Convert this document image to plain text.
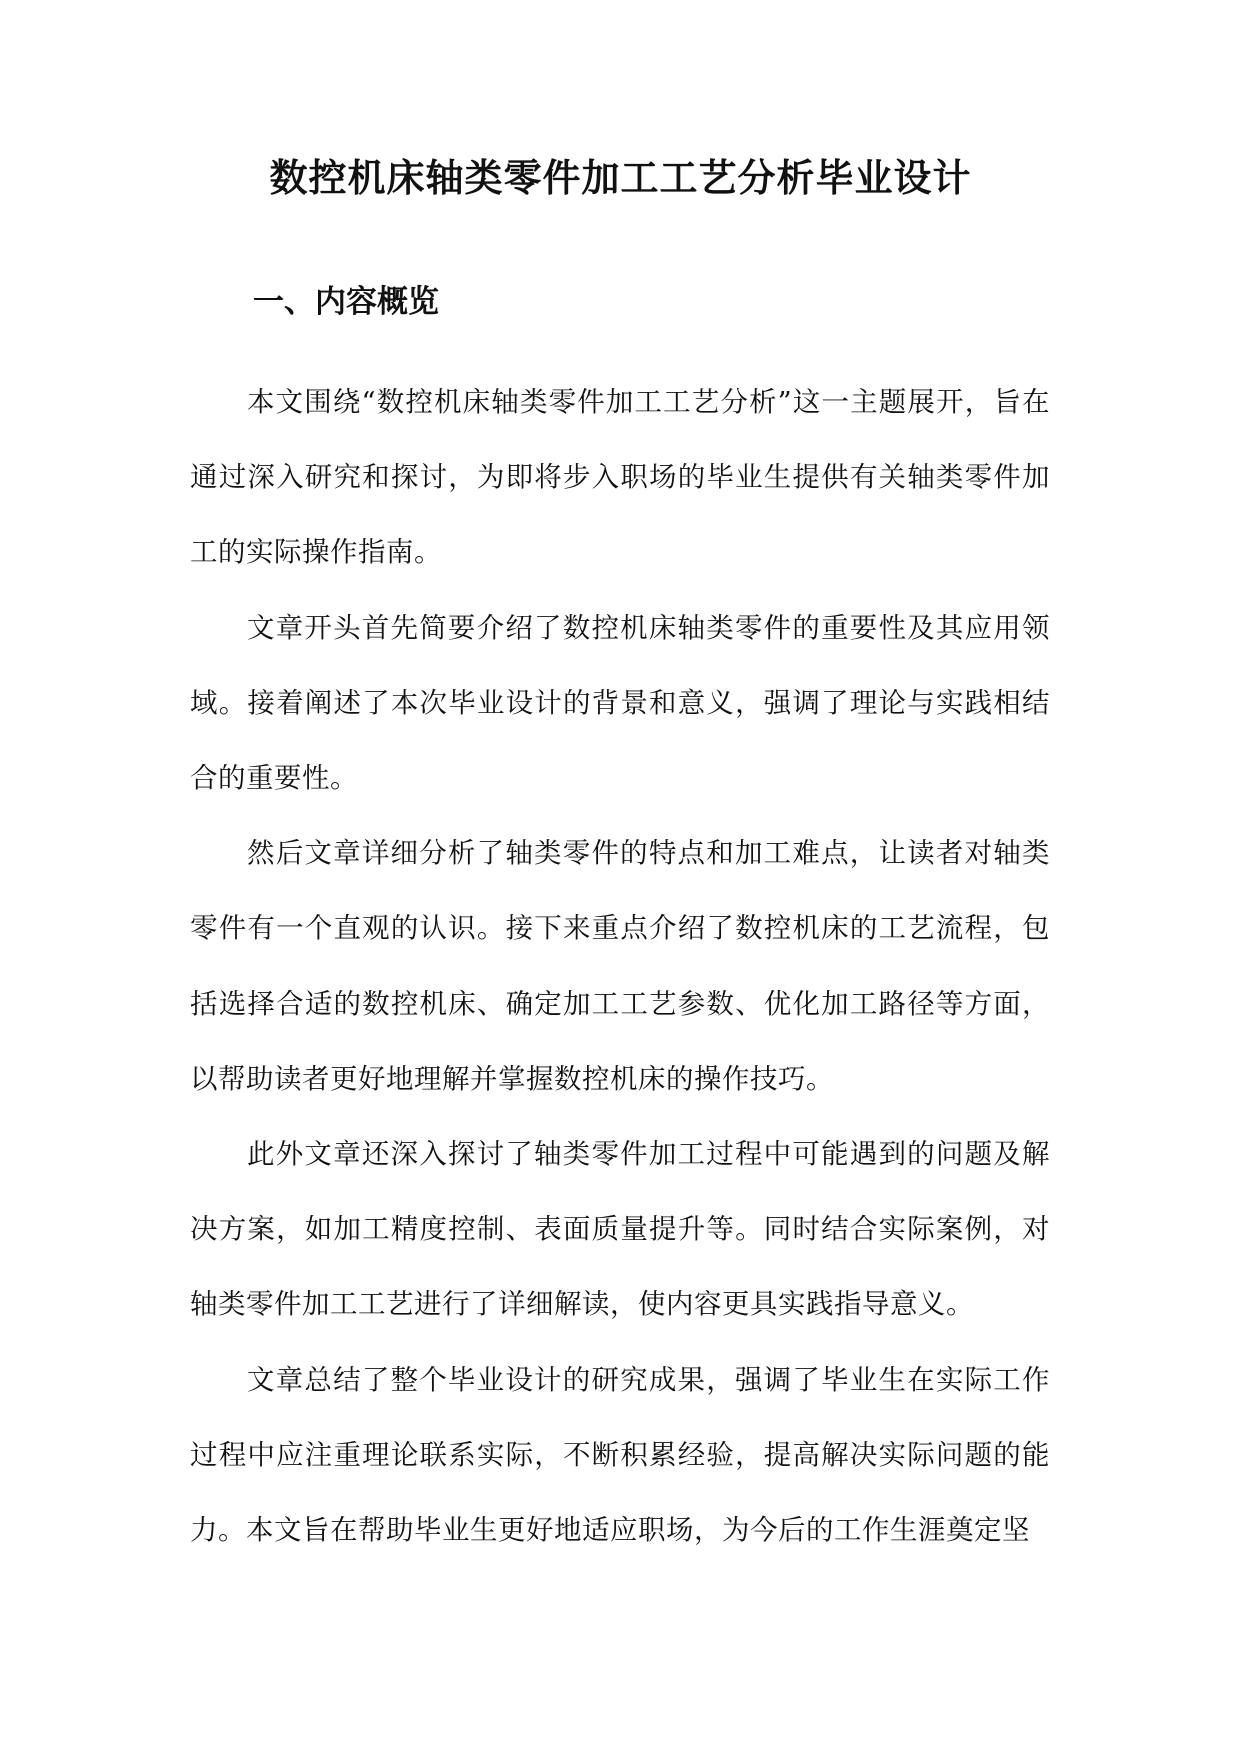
数控机床轴类零件加工工艺分析毕业设计
一、内容概览

本文围绕“数控机床轴类零件加工工艺分析”这一主题展开，旨在通过深入研究和探讨，为即将步入职场的毕业生提供有关轴类零件加工的实际操作指南。

文章开头首先简要介绍了数控机床轴类零件的重要性及其应用领域。接着阐述了本次毕业设计的背景和意义，强调了理论与实践相结合的重要性。

然后文章详细分析了轴类零件的特点和加工难点，让读者对轴类零件有一个直观的认识。接下来重点介绍了数控机床的工艺流程，包括选择合适的数控机床、确定加工工艺参数、优化加工路径等方面，以帮助读者更好地理解并掌握数控机床的操作技巧。

此外文章还深入探讨了轴类零件加工过程中可能遇到的问题及解决方案，如加工精度控制、表面质量提升等。同时结合实际案例，对轴类零件加工工艺进行了详细解读，使内容更具实践指导意义。

文章总结了整个毕业设计的研究成果，强调了毕业生在实际工作过程中应注重理论联系实际，不断积累经验，提高解决实际问题的能力。本文旨在帮助毕业生更好地适应职场，为今后的工作生涯奠定坚
